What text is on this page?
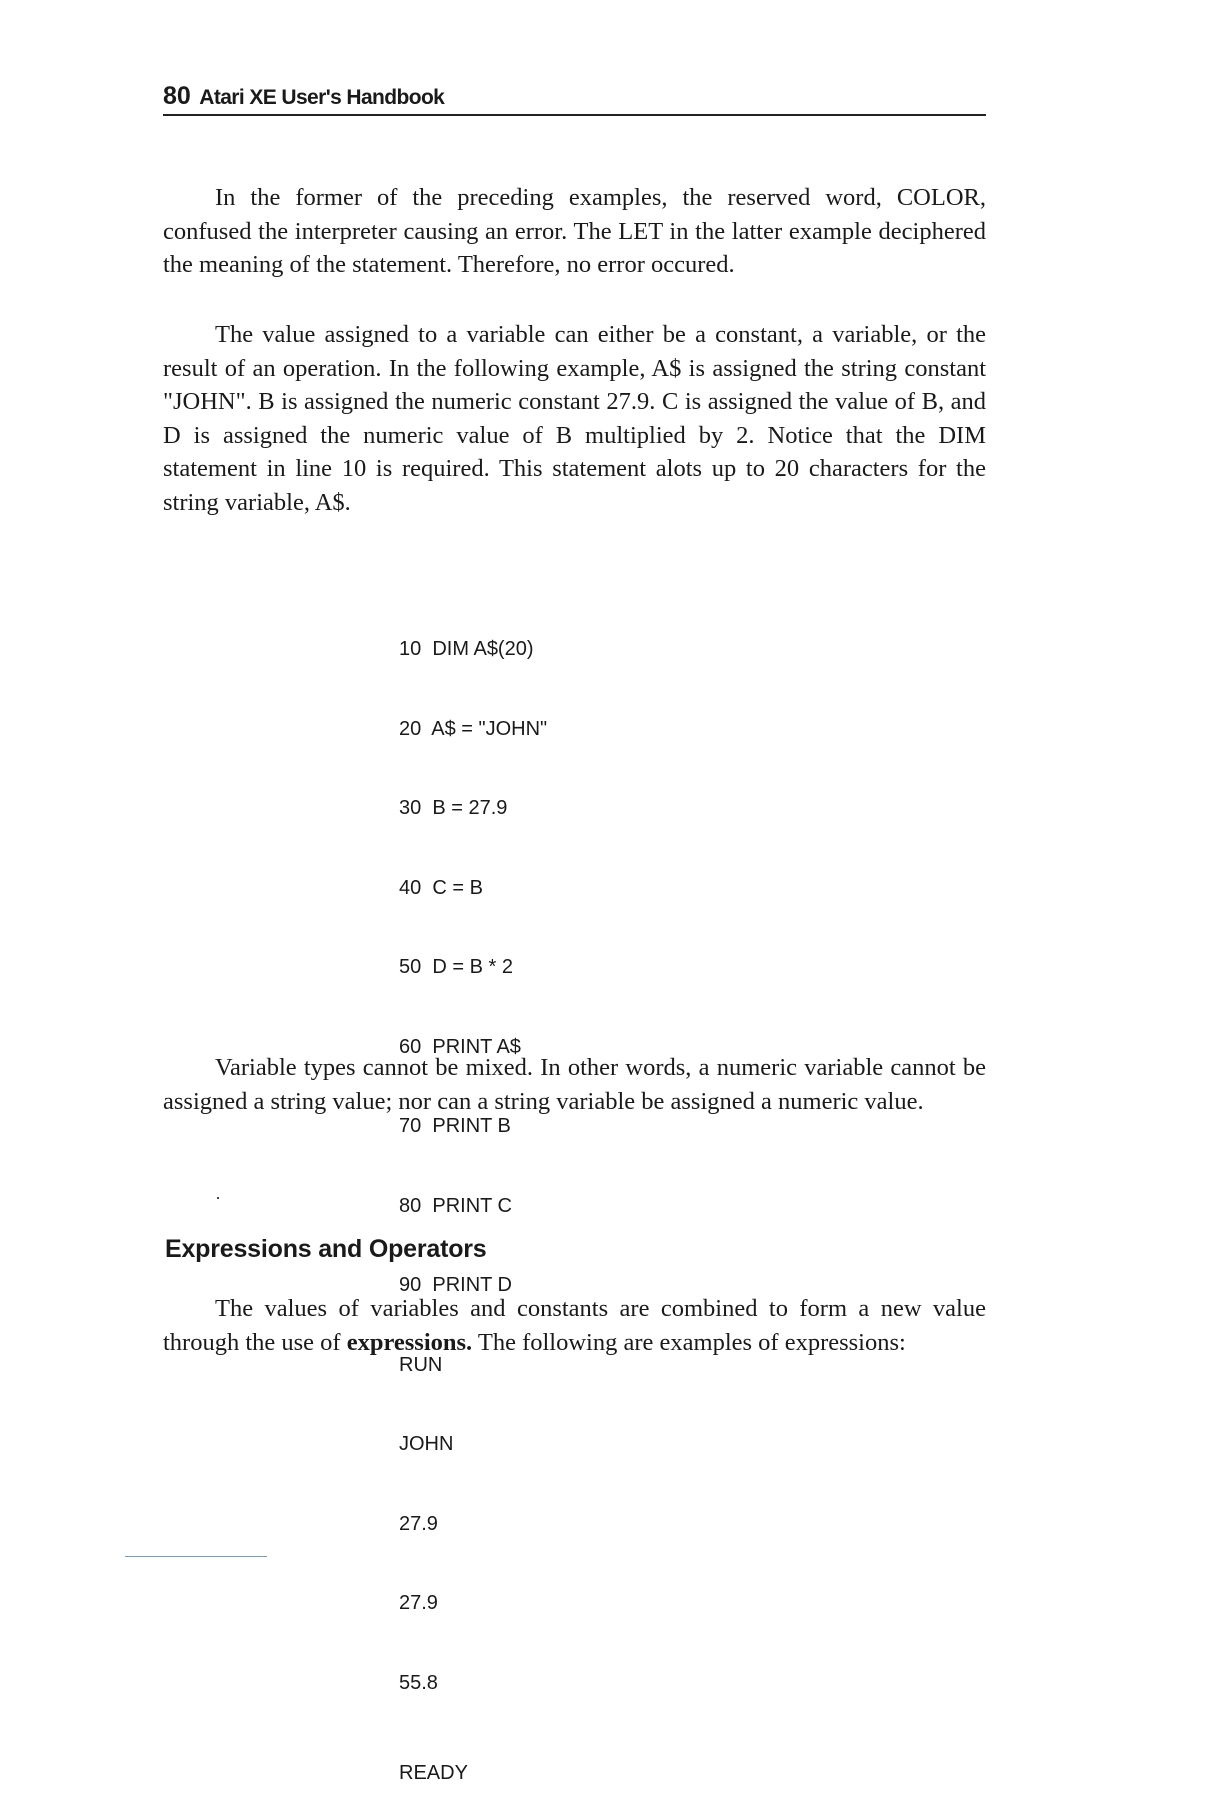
80 Atari XE User's Handbook

In the former of the preceding examples, the reserved word, COLOR, confused the interpreter causing an error. The LET in the latter example deciphered the meaning of the statement. Therefore, no error occured.

The value assigned to a variable can either be a constant, a variable, or the result of an operation. In the following example, A$ is assigned the string constant "JOHN". B is assigned the numeric constant 27.9. C is assigned the value of B, and D is assigned the numeric value of B multiplied by 2. Notice that the DIM statement in line 10 is required. This statement alots up to 20 characters for the string variable, A$.

10  DIM A$(20)

20  A$ = "JOHN"

30  B = 27.9

40  C = B

50  D = B * 2

60  PRINT A$

70  PRINT B

80  PRINT C

90  PRINT D

RUN

JOHN

27.9

27.9

55.8

READY

Variable types cannot be mixed. In other words, a numeric variable cannot be assigned a string value; nor can a string variable be assigned a numeric value.

Expressions and Operators

The values of variables and constants are combined to form a new value through the use of expressions. The following are examples of expressions:
